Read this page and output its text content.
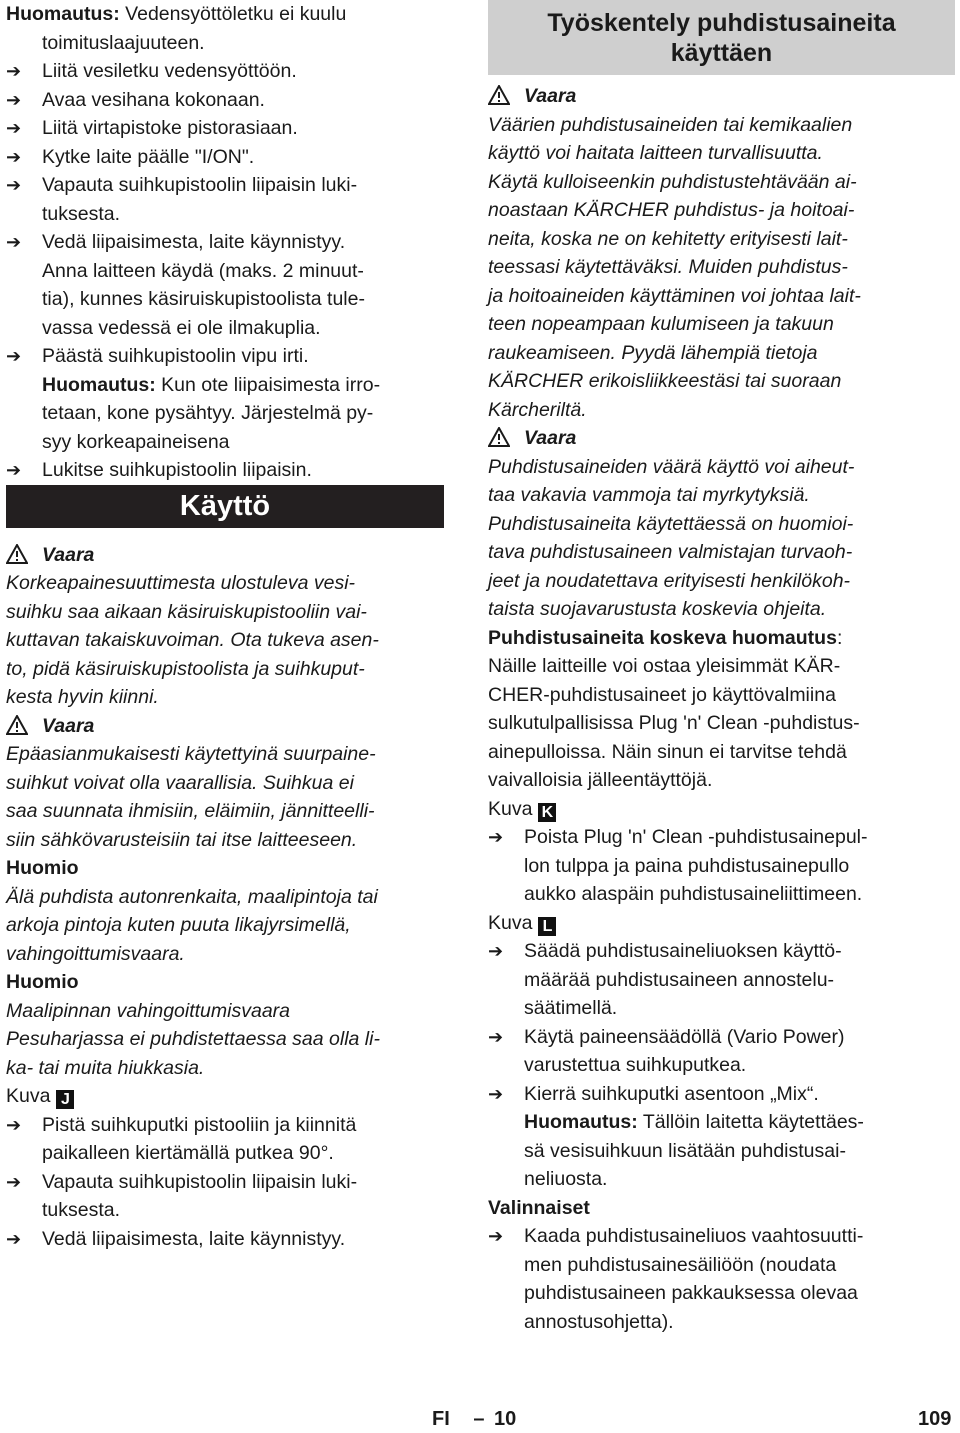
Huomautus: Vedensyöttöletku ei kuulu
toimituslaajuuteen.
➔ Liitä vesiletku vedensyöttöön.
➔ Avaa vesihana kokonaan.
➔ Liitä virtapistoke pistorasiaan.
➔ Kytke laite päälle "I/ON".
➔ Vapauta suihkupistoolin liipaisin luki-
tuksesta.
➔ Vedä liipaisimesta, laite käynnistyy.
Anna laitteen käydä (maks. 2 minuut-
tia), kunnes käsiruiskupistoolista tule-
vassa vedessä ei ole ilmakuplia.
➔ Päästä suihkupistoolin vipu irti.
Huomautus: Kun ote liipaisimesta irro-
tetaan, kone pysähtyy. Järjestelmä py-
syy korkeapaineisena
➔ Lukitse suihkupistoolin liipaisin.
Vaara
Korkeapainesuuttimesta ulostuleva vesi-
suihku saa aikaan käsiruiskupistooliin vai-
kuttavan takaiskuvoiman. Ota tukeva asen-
to, pidä käsiruiskupistoolista ja suihkuput-
kesta hyvin kiinni.
Vaara
Epäasianmukaisesti käytettyinä suurpaine-
suihkut voivat olla vaarallisia. Suihkua ei
saa suunnata ihmisiin, eläimiin, jännitteelli-
siin sähkövarusteisiin tai itse laitteeseen.
Huomio
Älä puhdista autonrenkaita, maalipintoja tai
arkoja pintoja kuten puuta likajyrsimellä,
vahingoittumisvaara.
Huomio
Maalipinnan vahingoittumisvaara
Pesuharjassa ei puhdistettaessa saa olla li-
ka- tai muita hiukkasia.
Kuva J
➔ Pistä suihkuputki pistooliin ja kiinnitä
paikalleen kiertämällä putkea 90°.
➔ Vapauta suihkupistoolin liipaisin luki-
tuksesta.
➔ Vedä liipaisimesta, laite käynnistyy.
Käyttö
Työskentely puhdistusaineita
käyttäen
Vaara
Väärien puhdistusaineiden tai kemikaalien
käyttö voi haitata laitteen turvallisuutta.
Käytä kulloiseenkin puhdistustehtävään ai-
noastaan KÄRCHER puhdistus- ja hoitoai-
neita, koska ne on kehitetty erityisesti lait-
teessasi käytettäväksi. Muiden puhdistus-
ja hoitoaineiden käyttäminen voi johtaa lait-
teen nopeampaan kulumiseen ja takuun
raukeamiseen. Pyydä lähempiä tietoja
KÄRCHER erikoisliikkeestäsi tai suoraan
Kärcheriltä.
Vaara
Puhdistusaineiden väärä käyttö voi aiheut-
taa vakavia vammoja tai myrkytyksiä.
Puhdistusaineita käytettäessä on huomioi-
tava puhdistusaineen valmistajan turvaoh-
jeet ja noudatettava erityisesti henkilökoh-
taista suojavarustusta koskevia ohjeita.
Puhdistusaineita koskeva huomautus:
Näille laitteille voi ostaa yleisimmät KÄR-
CHER-puhdistusaineet jo käyttövalmiina
sulkutulpallisissa Plug 'n' Clean -puhdistus-
ainepulloissa. Näin sinun ei tarvitse tehdä
vaivalloisia jälleentäyttöjä.
Kuva K
➔ Poista Plug 'n' Clean -puhdistusainepul-
lon tulppa ja paina puhdistusainepullo
aukko alaspäin puhdistusaineliittimeen.
Kuva L
➔ Säädä puhdistusaineliuoksen käyttö-
määrää puhdistusaineen annostelu-
säätimellä.
➔ Käytä paineensäädöllä (Vario Power)
varustettua suihkuputkea.
➔ Kierrä suihkuputki asentoon „Mix“.
Huomautus: Tällöin laitetta käytettäes-
sä vesisuihkuun lisätään puhdistusai-
neliuosta.
Valinnaiset
➔ Kaada puhdistusaineliuos vaahtosuutti-
men puhdistusainesäiliöön (noudata
puhdistusaineen pakkauksessa olevaa
annostusohjetta).
FI – 10	109
